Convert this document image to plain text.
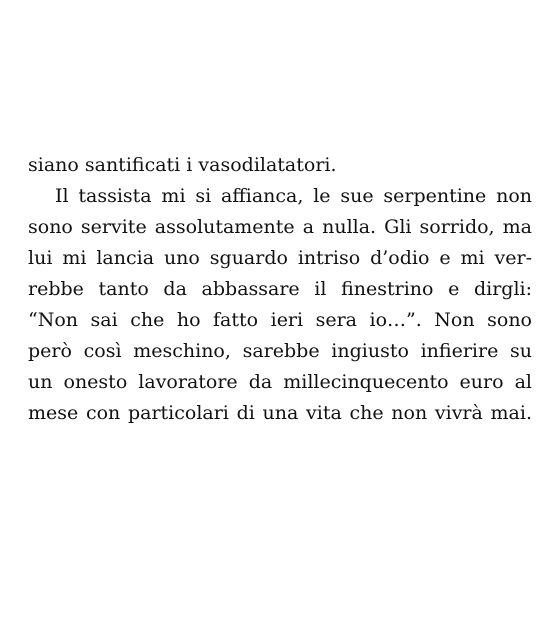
siano santificati i vasodilatatori.
Il tassista mi si affianca, le sue serpentine non
sono servite assolutamente a nulla. Gli sorrido, ma
lui mi lancia uno sguardo intriso d’odio e mi ver-
rebbe tanto da abbassare il finestrino e dirgli:
“Non sai che ho fatto ieri sera io…”. Non sono
però così meschino, sarebbe ingiusto infierire su
un onesto lavoratore da millecinquecento euro al
mese con particolari di una vita che non vivrà mai.
